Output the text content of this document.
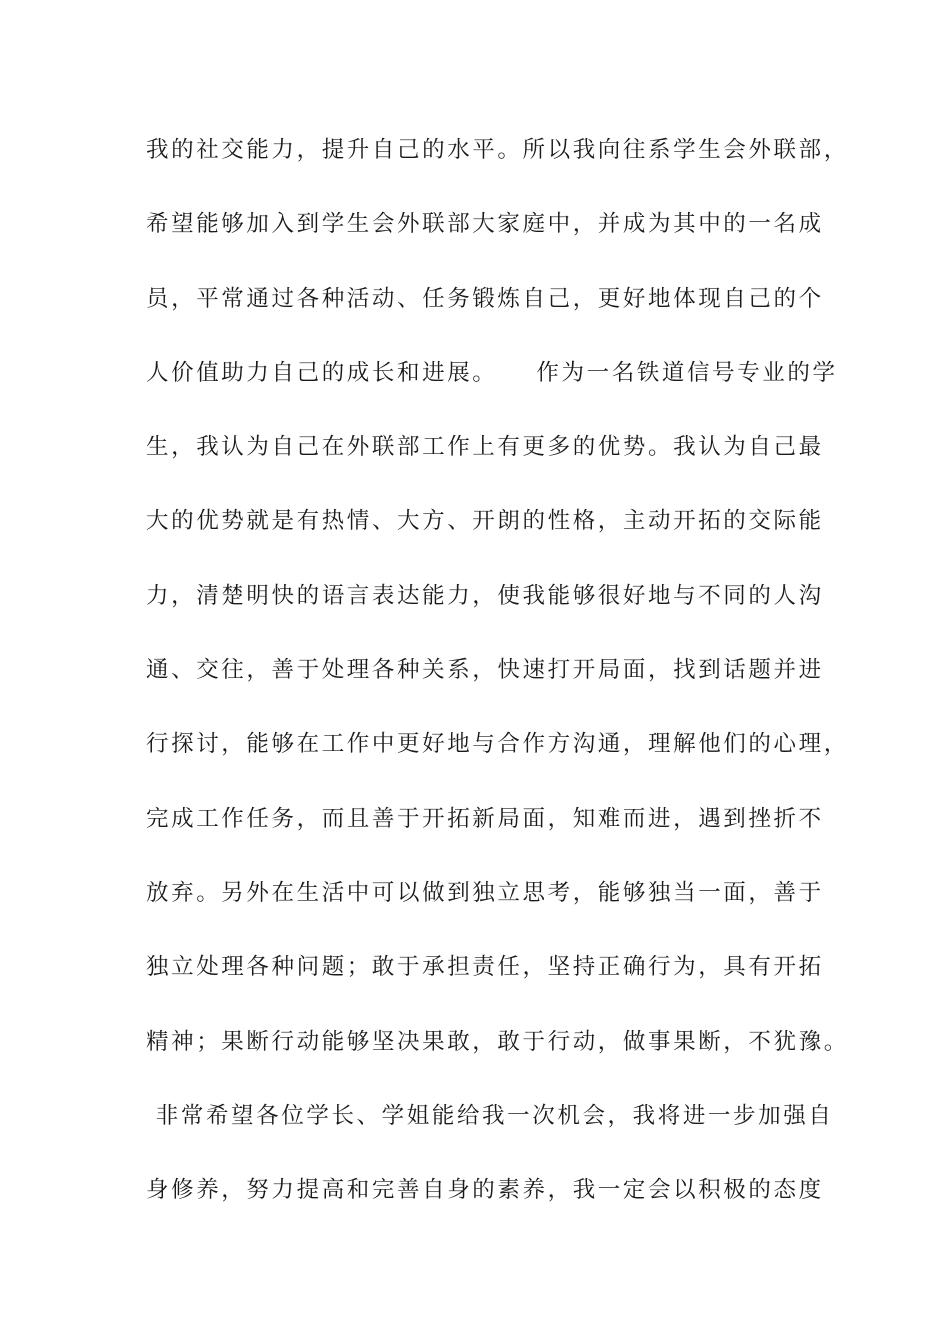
我的社交能力，提升自己的水平。所以我向往系学生会外联部，
希望能够加入到学生会外联部大家庭中，并成为其中的一名成
员，平常通过各种活动、任务锻炼自己，更好地体现自己的个
人价值助力自己的成长和进展。    作为一名铁道信号专业的学
生，我认为自己在外联部工作上有更多的优势。我认为自己最
大的优势就是有热情、大方、开朗的性格，主动开拓的交际能
力，清楚明快的语言表达能力，使我能够很好地与不同的人沟
通、交往，善于处理各种关系，快速打开局面，找到话题并进
行探讨，能够在工作中更好地与合作方沟通，理解他们的心理，
完成工作任务，而且善于开拓新局面，知难而进，遇到挫折不
放弃。另外在生活中可以做到独立思考，能够独当一面，善于
独立处理各种问题；敢于承担责任，坚持正确行为，具有开拓
精神；果断行动能够坚决果敢，敢于行动，做事果断，不犹豫。
非常希望各位学长、学姐能给我一次机会，我将进一步加强自
身修养，努力提高和完善自身的素养，我一定会以积极的态度
